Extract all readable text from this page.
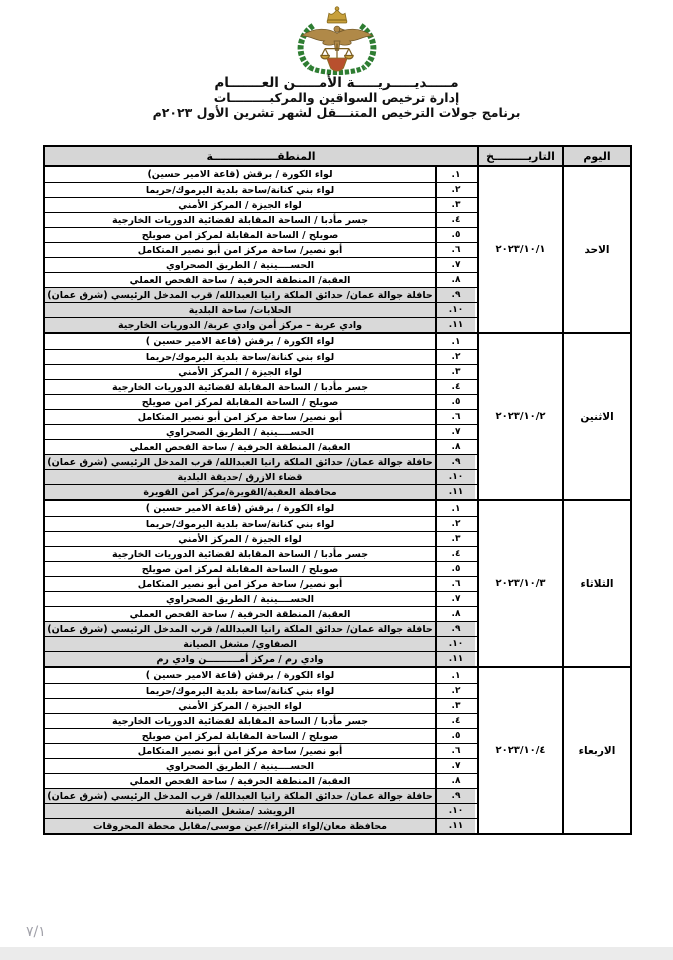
مـــــديـــــريـــــة الأمـــــن العـــــــام
إدارة ترخيص السواقين والمركبـــــــــات
برنامج جولات الترخيص المتنـــقل لشهر تشرين الأول ٢٠٢٣م
المنطقـــــــــــــــــة	التاريـــــــــخ	اليوم
لواء الكورة / برقش (قاعة الامير حسين)	١.
لواء بني كنانة/ساحة بلدية اليرموك/حريما	٢.
لواء الجيزة / المركز الأمني	٣.
جسر مأدبا / الساحة المقابلة لقضائية الدوريات الخارجية	٤.
صويلح / الساحة المقابلة لمركز امن صويلح	٥.
أبو نصير/ ساحة مركز امن أبو نصير المتكامل	٦.
الحســــينية / الطريق الصحراوي	٧.
العقبة/ المنطقة الحرفية / ساحة الفحص العملي	٨.
حافلة جوالة عمان/ حدائق الملكة رانيا العبدالله/ قرب المدخل الرئيسي (شرق عمان)	٩.
الحلابات/ ساحة البلدية	١٠.
وادي عربة – مركز أمن وادي عربة/ الدوريات الخارجية	١١.
٢٠٢٣/١٠/١	الاحد
لواء الكورة / برقش (قاعة الامير حسين )	١.
لواء بني كنانة/ساحة بلدية اليرموك/حريما	٢.
لواء الجيزة / المركز الأمني	٣.
جسر مأدبا / الساحة المقابلة لقضائية الدوريات الخارجية	٤.
صويلح / الساحة المقابلة لمركز امن صويلح	٥.
أبو نصير/ ساحة مركز امن أبو نصير المتكامل	٦.
الحســــينية / الطريق الصحراوي	٧.
العقبة/ المنطقة الحرفية / ساحة الفحص العملي	٨.
حافلة جوالة عمان/ حدائق الملكة رانيا العبدالله/ قرب المدخل الرئيسي (شرق عمان)	٩.
قضاء الازرق /حديقة البلدية	١٠.
محافظة العقبة/القويرة/مركز امن القويرة	١١.
٢٠٢٣/١٠/٢	الاثنين
لواء الكورة / برقش (قاعة الامير حسين )	١.
لواء بني كنانة/ساحة بلدية اليرموك/حريما	٢.
لواء الجيزة / المركز الأمني	٣.
جسر مأدبا / الساحة المقابلة لقضائية الدوريات الخارجية	٤.
صويلح / الساحة المقابلة لمركز امن صويلح	٥.
أبو نصير/ ساحة مركز امن أبو نصير المتكامل	٦.
الحســــينية / الطريق الصحراوي	٧.
العقبة/ المنطقة الحرفية / ساحة الفحص العملي	٨.
حافلة جوالة عمان/ حدائق الملكة رانيا العبدالله/ قرب المدخل الرئيسي (شرق عمان)	٩.
الصفاوي/ مشغل الصيانة	١٠.
وادي رم / مركز أمــــــــــن وادي رم	١١.
٢٠٢٣/١٠/٣	الثلاثاء
لواء الكورة / برقش (قاعة الامير حسين )	١.
لواء بني كنانة/ساحة بلدية اليرموك/حريما	٢.
لواء الجيزة / المركز الأمني	٣.
جسر مأدبا / الساحة المقابلة لقضائية الدوريات الخارجية	٤.
صويلح / الساحة المقابلة لمركز امن صويلح	٥.
أبو نصير/ ساحة مركز امن أبو نصير المتكامل	٦.
الحســــينية / الطريق الصحراوي	٧.
العقبة/ المنطقة الحرفية / ساحة الفحص العملي	٨.
حافلة جوالة عمان/ حدائق الملكة رانيا العبدالله/ قرب المدخل الرئيسي (شرق عمان)	٩.
الرويشد /مشغل الصيانة	١٠.
محافظة معان/لواء البتراء//عين موسى/مقابل محطة المحروقات	١١.
٢٠٢٣/١٠/٤	الاربعاء
٧/١
